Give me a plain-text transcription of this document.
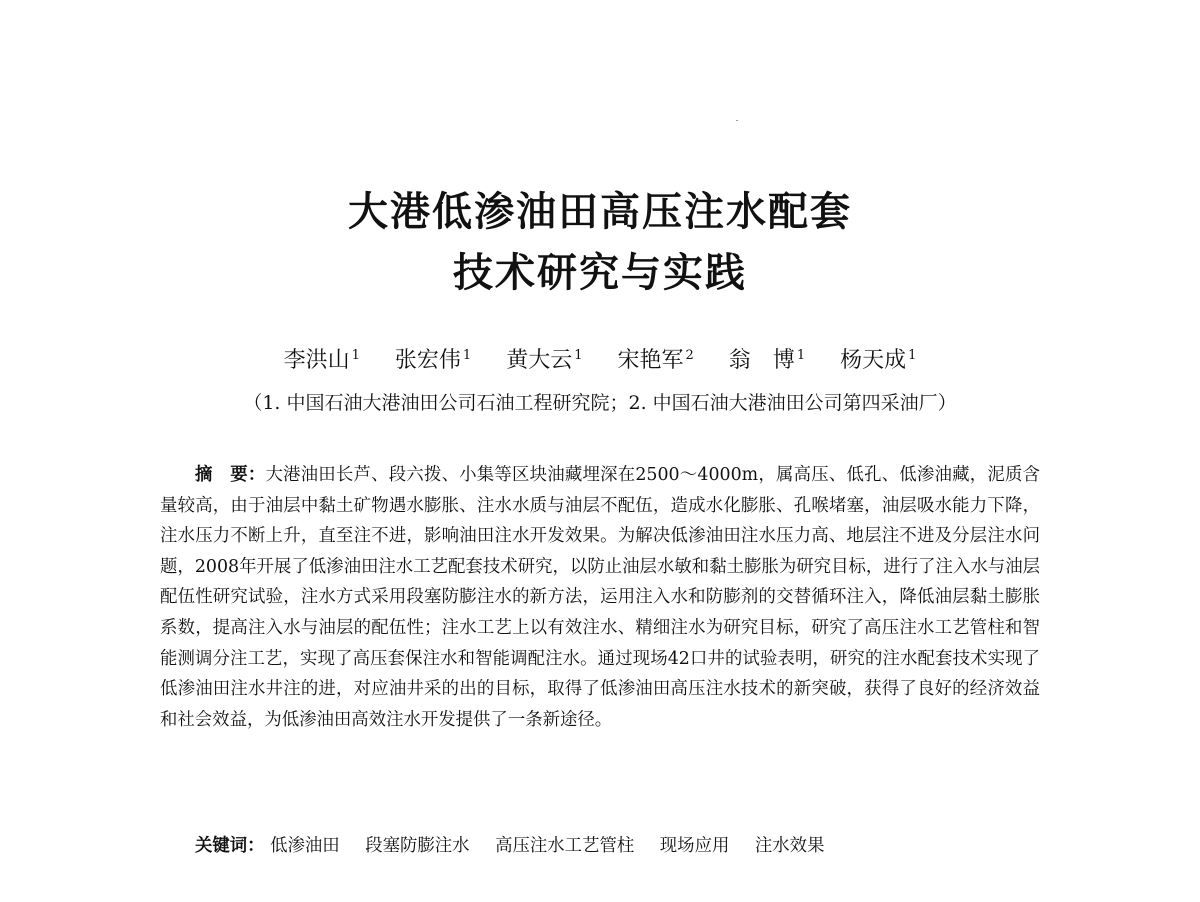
大港低渗油田高压注水配套
技术研究与实践
李洪山 $^1$ 张宏伟 $^1$ 黄大云 $^1$ 宋艳军 $^2$ 翁　博 $^1$ 杨天成 $^1$
（1. 中国石油大港油田公司石油工程研究院；2. 中国石油大港油田公司第四采油厂）

摘　要：大港油田长芦、段六拨、小集等区块油藏埋深在2500～4000m，属高压、低孔、低渗油藏，泥质含量较高，由于油层中黏土矿物遇水膨胀、注水水质与油层不配伍，造成水化膨胀、孔喉堵塞，油层吸水能力下降，注水压力不断上升，直至注不进，影响油田注水开发效果。为解决低渗油田注水压力高、地层注不进及分层注水问题，2008年开展了低渗油田注水工艺配套技术研究，以防止油层水敏和黏土膨胀为研究目标，进行了注入水与油层配伍性研究试验，注水方式采用段塞防膨注水的新方法，运用注入水和防膨剂的交替循环注入，降低油层黏土膨胀系数，提高注入水与油层的配伍性；注水工艺上以有效注水、精细注水为研究目标，研究了高压注水工艺管柱和智能测调分注工艺，实现了高压套保注水和智能调配注水。通过现场42口井的试验表明，研究的注水配套技术实现了低渗油田注水井注的进，对应油井采的出的目标，取得了低渗油田高压注水技术的新突破，获得了良好的经济效益和社会效益，为低渗油田高效注水开发提供了一条新途径。

关键词： 低渗油田 段塞防膨注水 高压注水工艺管柱 现场应用 注水效果
